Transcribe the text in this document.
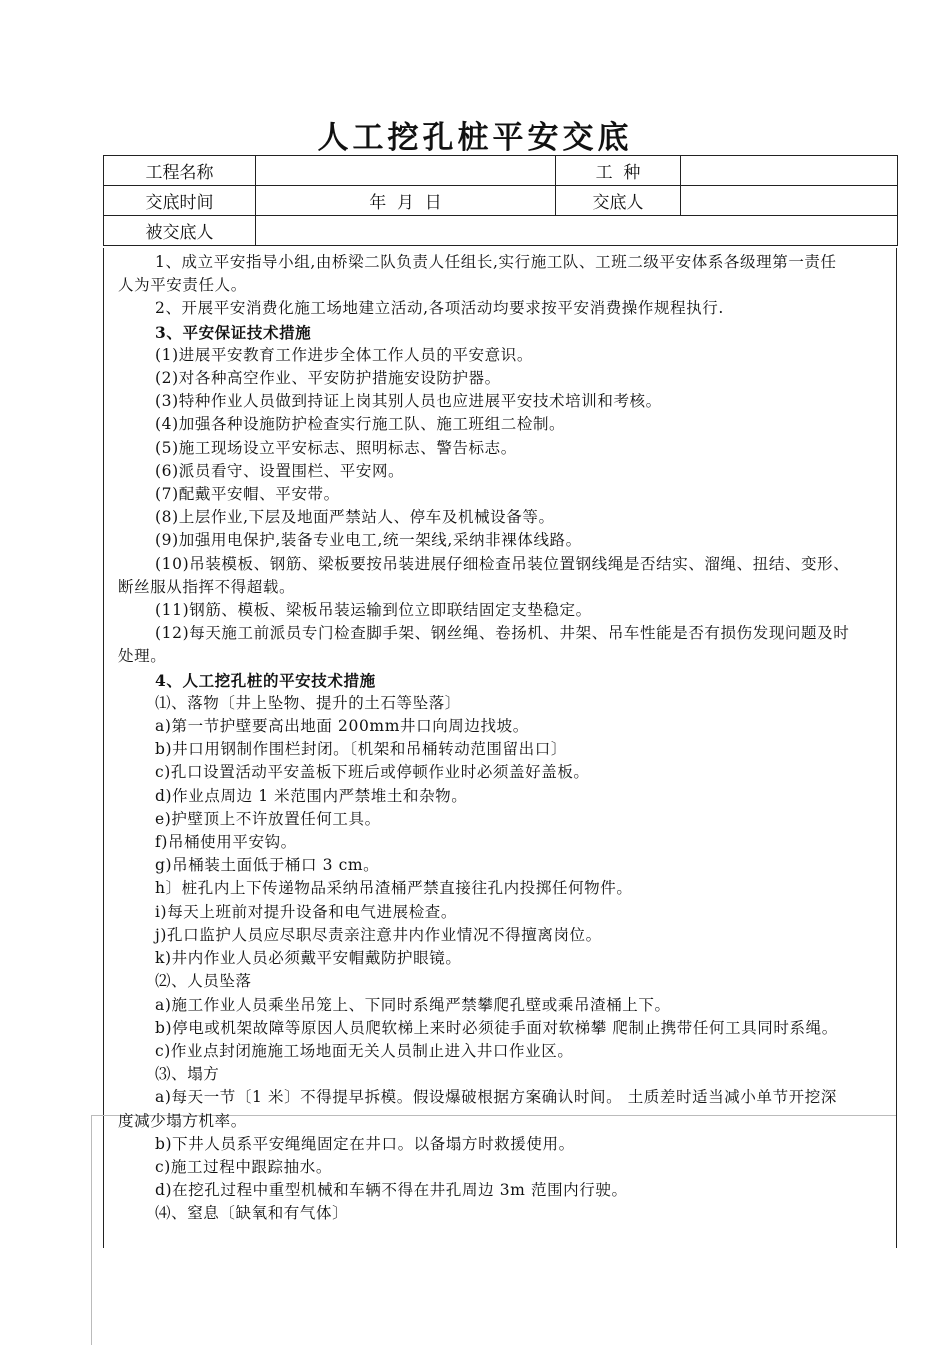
人工挖孔桩平安交底
工程名称		工  种	
交底时间	年  月  日	交底人	
被交底人			

1、成立平安指导小组,由桥梁二队负责人任组长,实行施工队、工班二级平安体系各级理第一责任人为平安责任人。

2、开展平安消费化施工场地建立活动,各项活动均要求按平安消费操作规程执行.

3、平安保证技术措施

(1)进展平安教育工作进步全体工作人员的平安意识。

(2)对各种高空作业、平安防护措施安设防护器。

(3)特种作业人员做到持证上岗其别人员也应进展平安技术培训和考核。

(4)加强各种设施防护检查实行施工队、施工班组二检制。

(5)施工现场设立平安标志、照明标志、警告标志。

(6)派员看守、设置围栏、平安网。

(7)配戴平安帽、平安带。

(8)上层作业,下层及地面严禁站人、停车及机械设备等。

(9)加强用电保护,装备专业电工,统一架线,采纳非裸体线路。

(10)吊装模板、钢筋、梁板要按吊装进展仔细检查吊装位置钢线绳是否结实、溜绳、扭结、变形、断丝服从指挥不得超载。

(11)钢筋、模板、梁板吊装运输到位立即联结固定支垫稳定。

(12)每天施工前派员专门检查脚手架、钢丝绳、卷扬机、井架、吊车性能是否有损伤发现问题及时处理。

4、人工挖孔桩的平安技术措施

⑴、落物〔井上坠物、提升的土石等坠落〕

a)第一节护壁要高出地面 200mm井口向周边找坡。

b)井口用钢制作围栏封闭。〔机架和吊桶转动范围留出口〕

c)孔口设置活动平安盖板下班后或停顿作业时必须盖好盖板。

d)作业点周边 1 米范围内严禁堆土和杂物。

e)护壁顶上不许放置任何工具。

f)吊桶使用平安钩。

g)吊桶装土面低于桶口 3 cm。

h〕桩孔内上下传递物品采纳吊渣桶严禁直接往孔内投掷任何物件。

i)每天上班前对提升设备和电气进展检查。

j)孔口监护人员应尽职尽责亲注意井内作业情况不得擅离岗位。

k)井内作业人员必须戴平安帽戴防护眼镜。

⑵、人员坠落

a)施工作业人员乘坐吊笼上、下同时系绳严禁攀爬孔壁或乘吊渣桶上下。

b)停电或机架故障等原因人员爬软梯上来时必须徒手面对软梯攀 爬制止携带任何工具同时系绳。

c)作业点封闭施施工场地面无关人员制止进入井口作业区。

⑶、塌方

a)每天一节〔1 米〕不得提早拆模。假设爆破根据方案确认时间。 土质差时适当减小单节开挖深度减少塌方机率。

b)下井人员系平安绳绳固定在井口。以备塌方时救援使用。

c)施工过程中跟踪抽水。

d)在挖孔过程中重型机械和车辆不得在井孔周边 3m 范围内行驶。

⑷、窒息〔缺氧和有气体〕
